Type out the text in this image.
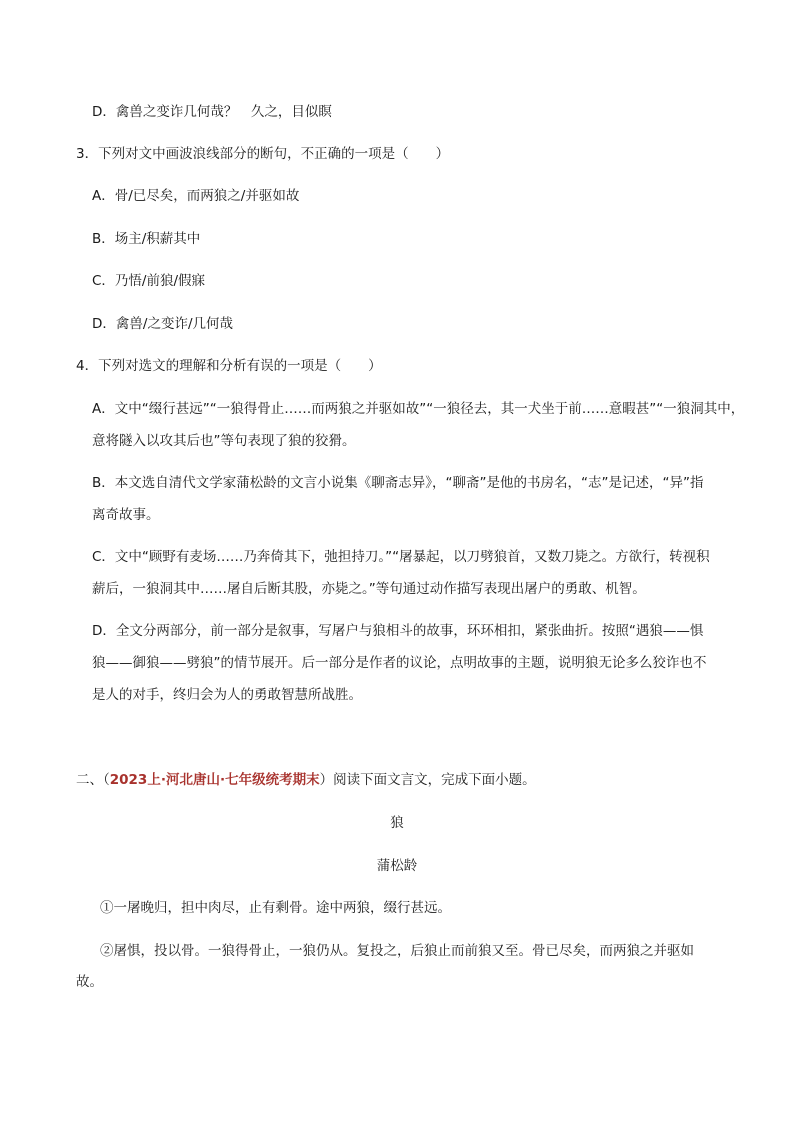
D．禽兽之变诈几何哉？　久之，目似瞑
3．下列对文中画波浪线部分的断句，不正确的一项是（　　）
A．骨/已尽矣，而两狼之/并驱如故
B．场主/积薪其中
C．乃悟/前狼/假寐
D．禽兽/之变诈/几何哉
4．下列对选文的理解和分析有误的一项是（　　）
A．文中“缀行甚远”“一狼得骨止……而两狼之并驱如故”“一狼径去，其一犬坐于前……意暇甚”“一狼洞其中，
意将隧入以攻其后也”等句表现了狼的狡猾。
B．本文选自清代文学家蒲松龄的文言小说集《聊斋志异》，“聊斋”是他的书房名，“志”是记述，“异”指
离奇故事。
C．文中“顾野有麦场……乃奔倚其下，弛担持刀。”“屠暴起，以刀劈狼首，又数刀毙之。方欲行，转视积
薪后，一狼洞其中……屠自后断其股，亦毙之。”等句通过动作描写表现出屠户的勇敢、机智。
D．全文分两部分，前一部分是叙事，写屠户与狼相斗的故事，环环相扣，紧张曲折。按照“遇狼——惧
狼——御狼——劈狼”的情节展开。后一部分是作者的议论，点明故事的主题，说明狼无论多么狡诈也不
是人的对手，终归会为人的勇敢智慧所战胜。
二、（2023上·河北唐山·七年级统考期末）阅读下面文言文，完成下面小题。
狼
蒲松龄
①一屠晚归，担中肉尽，止有剩骨。途中两狼，缀行甚远。
②屠惧，投以骨。一狼得骨止，一狼仍从。复投之，后狼止而前狼又至。骨已尽矣，而两狼之并驱如
故。
